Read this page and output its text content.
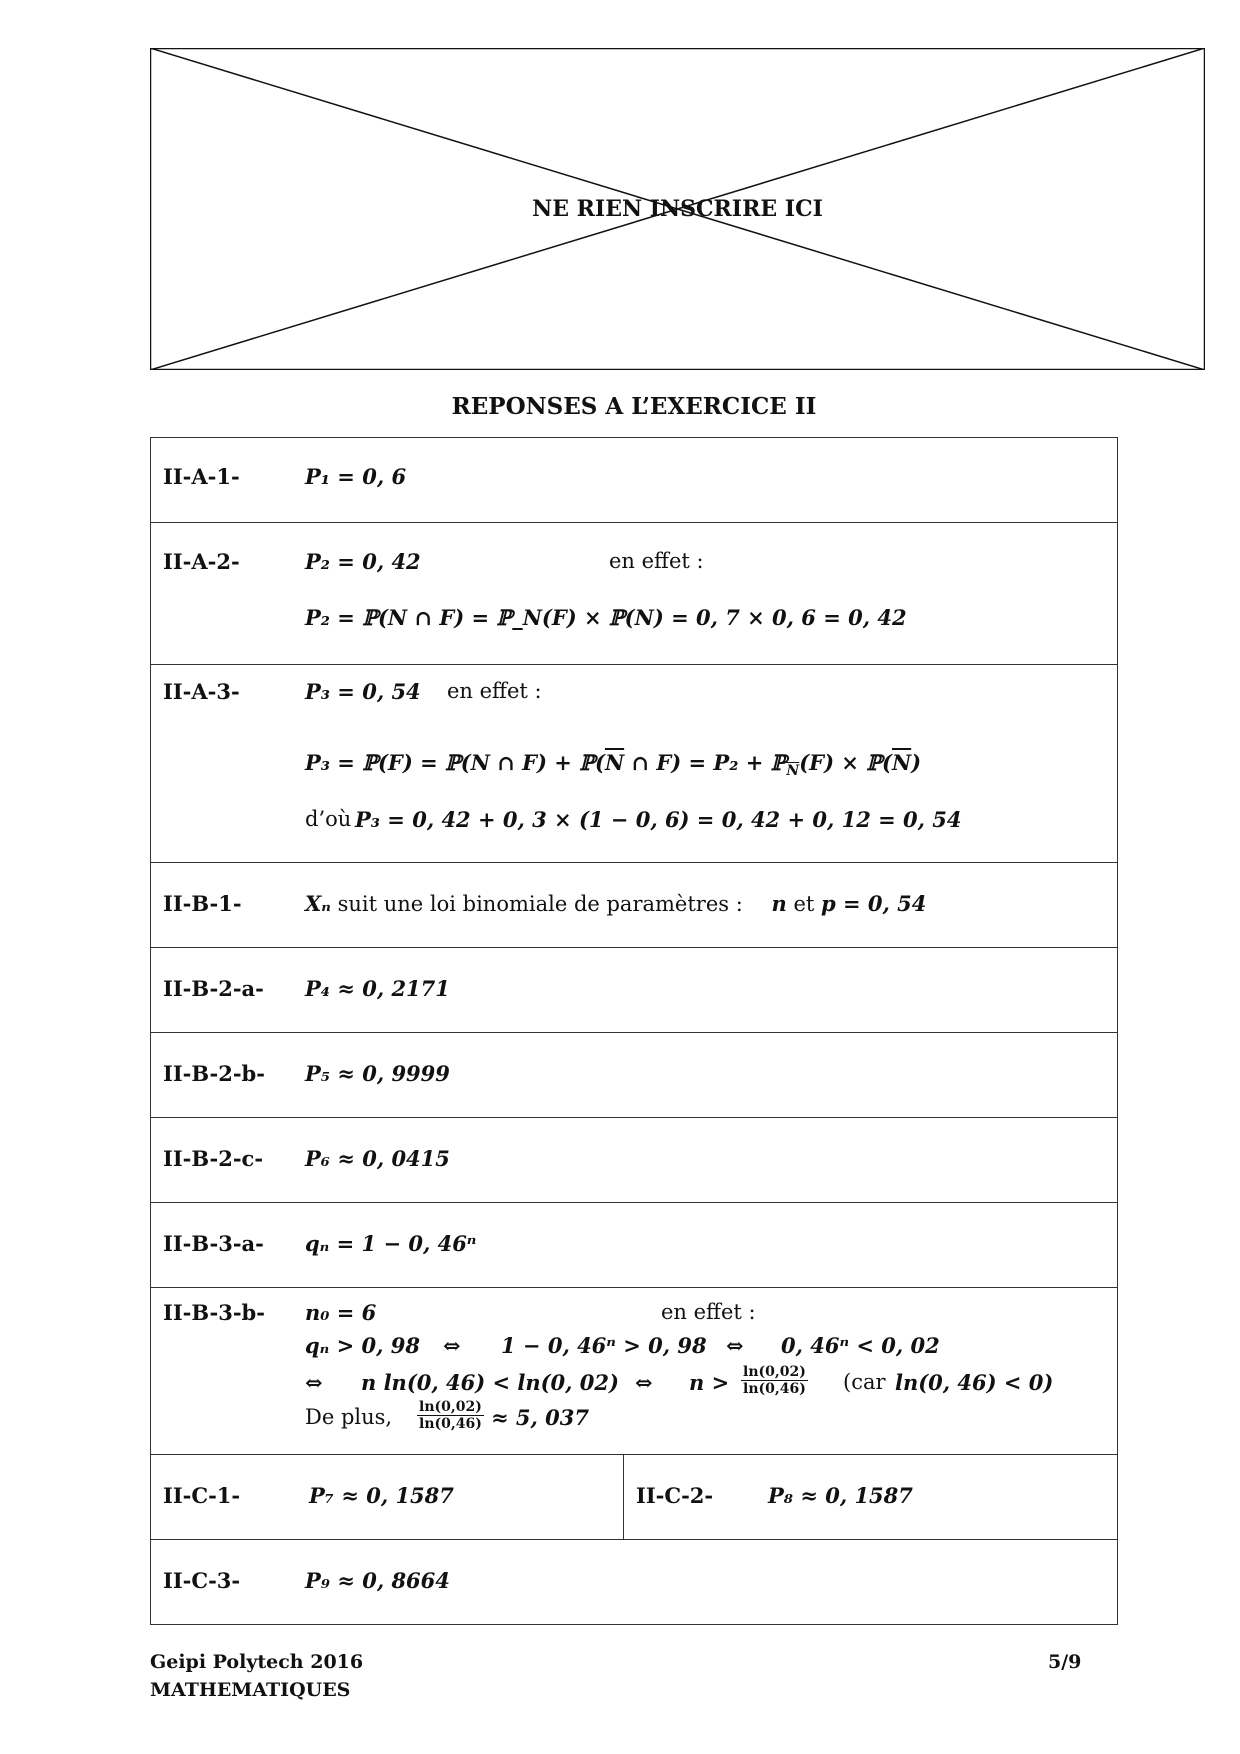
NE RIEN INSCRIRE ICI
REPONSES A L’EXERCICE II
II-A-1-	P₁ = 0, 6

II-A-2-	P₂ = 0, 42	en effet :
P₂ = ℙ(N ∩ F) = ℙ_N(F) × ℙ(N) = 0, 7 × 0, 6 = 0, 42

II-A-3-	P₃ = 0, 54 en effet :
P₃ = ℙ(F) = ℙ(N ∩ $F) + ℙ(\overline{N}$ ∩ F) = P₂ + ℙ$_{\overline{N}}$(F) × $ℙ(\overline{N})$
d’où P₃ = 0, 42 + 0, 3 × (1 − 0, 6) = 0, 42 + 0, 12 = 0, 54

II-B-1-	Xₙ suit une loi binomiale de paramètres : n et p = 0, 54

II-B-2-a- P₄ ≈ 0, 2171

II-B-2-b- P₅ ≈ 0, 9999

II-B-2-c- P₆ ≈ 0, 0415

II-B-3-a- qₙ = 1 − 0, 46ⁿ

II-B-3-b- n₀ = 6	en effet :
qₙ > 0, 98 ⇔ 1 − 0, 46ⁿ > 0, 98 ⇔ 0, 46ⁿ < 0, 02
⇔ n ln(0, 46) < ln(0, 02) ⇔ $n > \frac{\ln(0,02)}{\ln(0,46)} (car$ ln(0, 46) < 0)
De plus, $\frac{\ln(0,02)}{\ln(0,46)} \approx 5$, 037

II-C-1-	P₇ ≈ 0, 1587	II-C-2-	P₈ ≈ 0, 1587

II-C-3-	P₉ ≈ 0, 8664
Geipi Polytech 2016
MATHEMATIQUES
5/9
